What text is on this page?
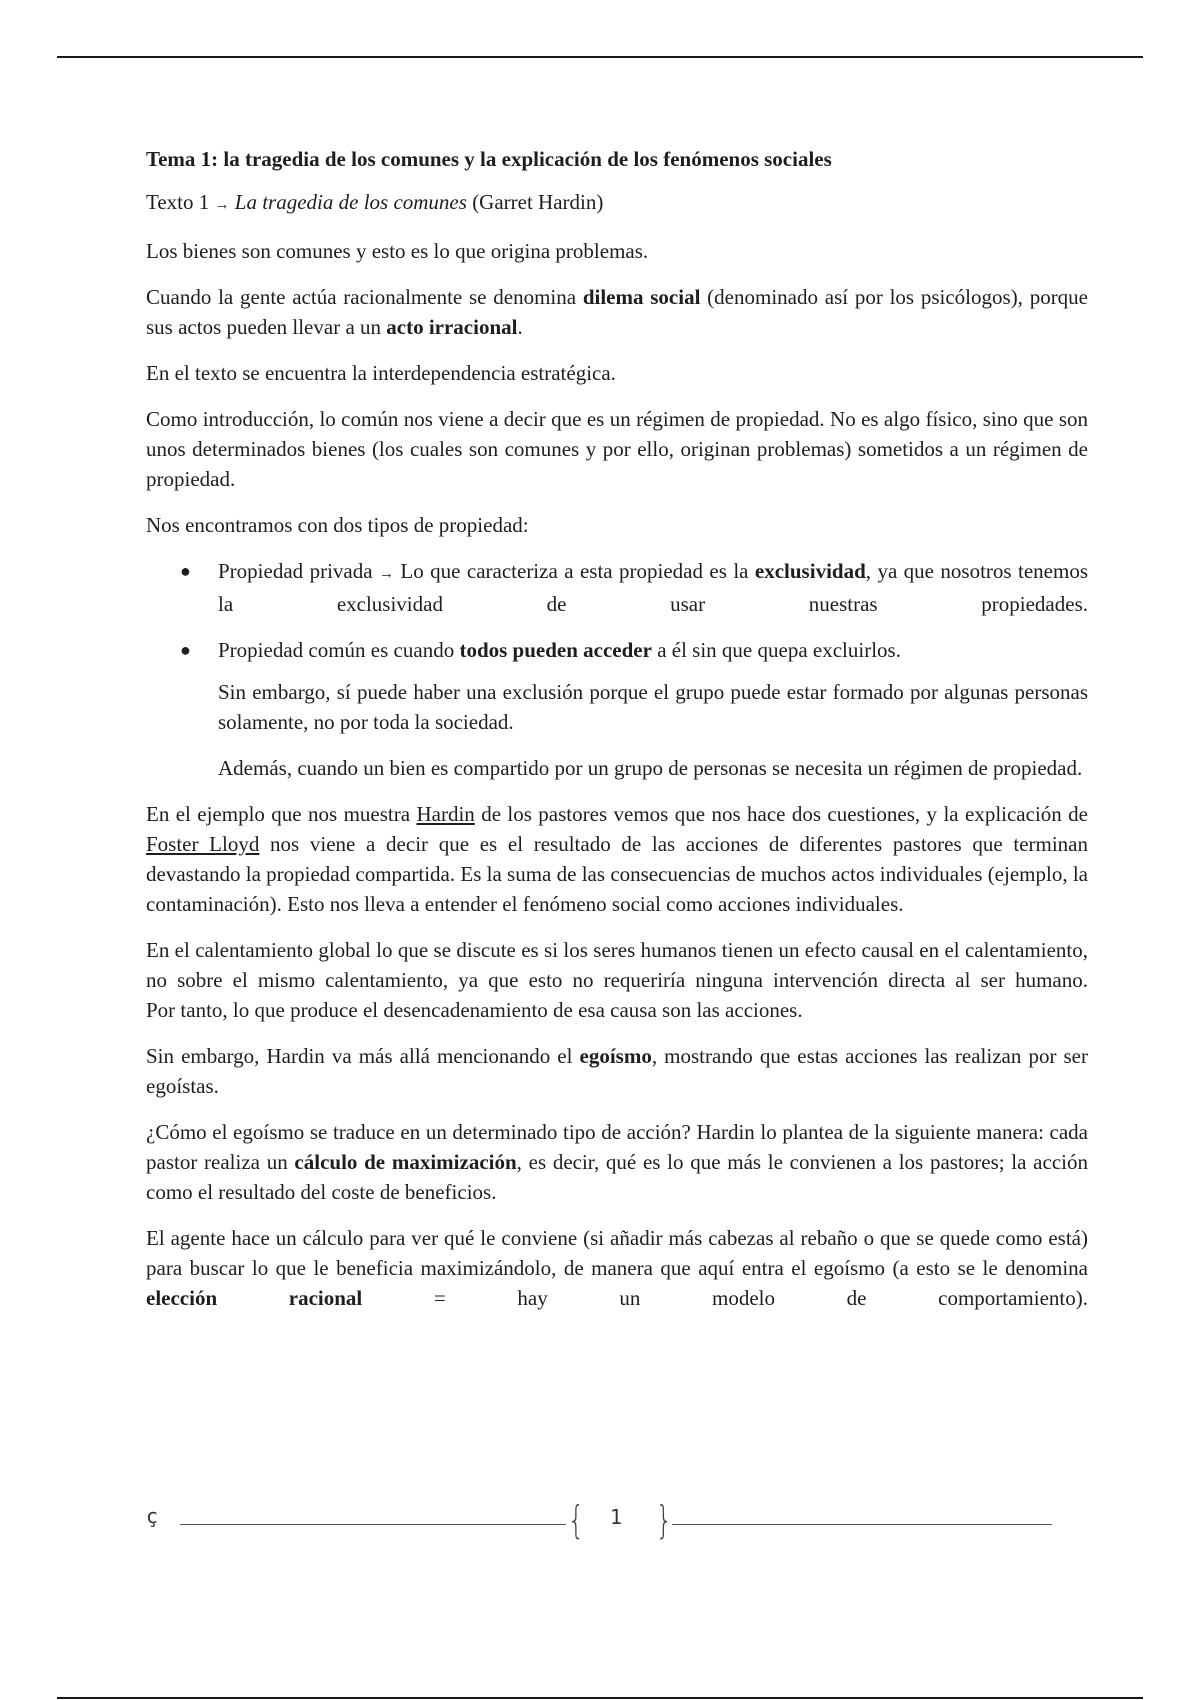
Tema 1: la tragedia de los comunes y la explicación de los fenómenos sociales

Texto 1 → La tragedia de los comunes (Garret Hardin)

Los bienes son comunes y esto es lo que origina problemas.

Cuando la gente actúa racionalmente se denomina dilema social (denominado así por los psicólogos), porque sus actos pueden llevar a un acto irracional.

En el texto se encuentra la interdependencia estratégica.

Como introducción, lo común nos viene a decir que es un régimen de propiedad. No es algo físico, sino que son unos determinados bienes (los cuales son comunes y por ello, originan problemas) sometidos a un régimen de propiedad.

Nos encontramos con dos tipos de propiedad:

● Propiedad privada → Lo que caracteriza a esta propiedad es la exclusividad, ya que nosotros tenemos la exclusividad de usar nuestras propiedades.
● Propiedad común es cuando todos pueden acceder a él sin que quepa excluirlos.

Sin embargo, sí puede haber una exclusión porque el grupo puede estar formado por algunas personas solamente, no por toda la sociedad.

Además, cuando un bien es compartido por un grupo de personas se necesita un régimen de propiedad.

En el ejemplo que nos muestra Hardin de los pastores vemos que nos hace dos cuestiones, y la explicación de Foster Lloyd nos viene a decir que es el resultado de las acciones de diferentes pastores que terminan devastando la propiedad compartida. Es la suma de las consecuencias de muchos actos individuales (ejemplo, la contaminación). Esto nos lleva a entender el fenómeno social como acciones individuales.

En el calentamiento global lo que se discute es si los seres humanos tienen un efecto causal en el calentamiento, no sobre el mismo calentamiento, ya que esto no requeriría ninguna intervención directa al ser humano.
Por tanto, lo que produce el desencadenamiento de esa causa son las acciones.

Sin embargo, Hardin va más allá mencionando el egoísmo, mostrando que estas acciones las realizan por ser egoístas.

¿Cómo el egoísmo se traduce en un determinado tipo de acción? Hardin lo plantea de la siguiente manera: cada pastor realiza un cálculo de maximización, es decir, qué es lo que más le convienen a los pastores; la acción como el resultado del coste de beneficios.

El agente hace un cálculo para ver qué le conviene (si añadir más cabezas al rebaño o que se quede como está) para buscar lo que le beneficia maximizándolo, de manera que aquí entra el egoísmo (a esto se le denomina elección racional = hay un modelo de comportamiento).

ç	{ 1 }
